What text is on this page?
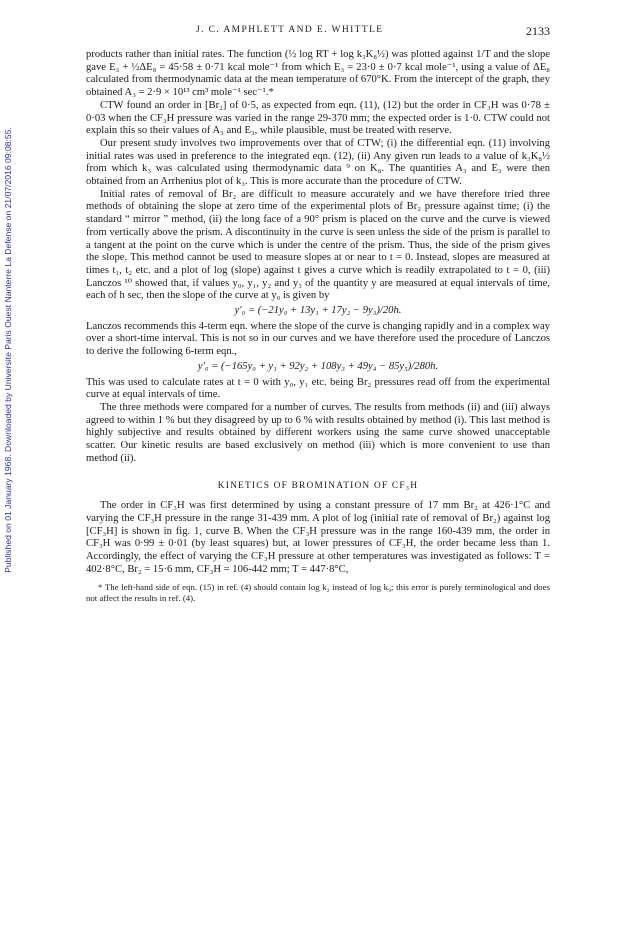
Published on 01 January 1968. Downloaded by Universite Paris Ouest Nanterre La Defense on 21/07/2016 09:08:55.
J. C. AMPHLETT AND E. WHITTLE	2133

products rather than initial rates. The function (½ log RT + log k₃K₈½) was plotted against 1/T and the slope gave E₃ + ½ΔE₈ = 45·58 ± 0·71 kcal mole⁻¹ from which E₃ = 23·0 ± 0·7 kcal mole⁻¹, using a value of ΔE₈ calculated from thermodynamic data at the mean temperature of 670°K. From the intercept of the graph, they obtained A₃ = 2·9 × 10¹³ cm³ mole⁻¹ sec⁻¹.*

CTW found an order in [Br₂] of 0·5, as expected from eqn. (11), (12) but the order in CF₃H was 0·78 ± 0·03 when the CF₃H pressure was varied in the range 29-370 mm; the expected order is 1·0. CTW could not explain this so their values of A₃ and E₃, while plausible, must be treated with reserve.

Our present study involves two improvements over that of CTW; (i) the differential eqn. (11) involving initial rates was used in preference to the integrated eqn. (12), (ii) Any given run leads to a value of k₃K₈½ from which k₃ was calculated using thermodynamic data ⁹ on K₈. The quantities A₃ and E₃ were then obtained from an Arrhenius plot of k₃. This is more accurate than the procedure of CTW.

Initial rates of removal of Br₂ are difficult to measure accurately and we have therefore tried three methods of obtaining the slope at zero time of the experimental plots of Br₂ pressure against time; (i) the standard “ mirror ” method, (ii) the long face of a 90° prism is placed on the curve and the curve is viewed from vertically above the prism. A discontinuity in the curve is seen unless the side of the prism is parallel to a tangent at the point on the curve which is under the centre of the prism. Thus, the side of the prism gives the slope. This method cannot be used to measure slopes at or near to t = 0. Instead, slopes are measured at times t₁, t₂ etc. and a plot of log (slope) against t gives a curve which is readily extrapolated to t = 0, (iii) Lanczos ¹⁰ showed that, if values y₀, y₁, y₂ and y₃ of the quantity y are measured at equal intervals of time, each of h sec, then the slope of the curve at y₀ is given by

y′₀ = (−21y₀ + 13y₁ + 17y₂ − 9y₃)/20h.

Lanczos recommends this 4-term eqn. where the slope of the curve is changing rapidly and in a complex way over a short-time interval. This is not so in our curves and we have therefore used the procedure of Lanczos to derive the following 6-term eqn.,

y′₀ = (−165y₀ + y₁ + 92y₂ + 108y₃ + 49y₄ − 85y₅)/280h.

This was used to calculate rates at t = 0 with y₀, y₁ etc. being Br₂ pressures read off from the experimental curve at equal intervals of time.

The three methods were compared for a number of curves. The results from methods (ii) and (iii) always agreed to within 1 % but they disagreed by up to 6 % with results obtained by method (i). This last method is highly subjective and results obtained by different workers using the same curve showed unacceptable scatter. Our kinetic results are based exclusively on method (iii) which is more convenient to use than method (ii).

KINETICS OF BROMINATION OF CF₃H

The order in CF₃H was first determined by using a constant pressure of 17 mm Br₂ at 426·1°C and varying the CF₃H pressure in the range 31-439 mm. A plot of log (initial rate of removal of Br₂) against log [CF₃H] is shown in fig. 1, curve B. When the CF₃H pressure was in the range 160-439 mm, the order in CF₃H was 0·99 ± 0·01 (by least squares) but, at lower pressures of CF₃H, the order became less than 1. Accordingly, the effect of varying the CF₃H pressure at other temperatures was investigated as follows: T = 402·8°C, Br₂ = 15·6 mm, CF₃H = 106-442 mm; T = 447·8°C,

* The left-hand side of eqn. (15) in ref. (4) should contain log k₂ instead of log k₉; this error is purely terminological and does not affect the results in ref. (4).
